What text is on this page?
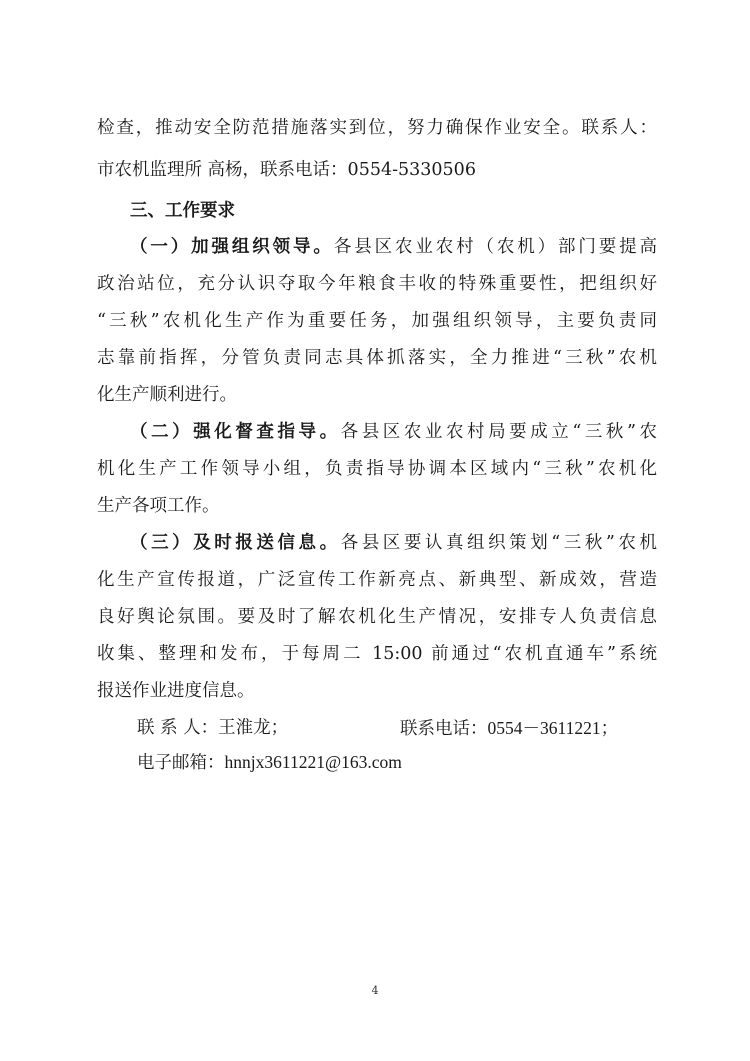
检查，推动安全防范措施落实到位，努力确保作业安全。联系人：
市农机监理所 高杨，联系电话：0554-5330506
三、工作要求
（一）加强组织领导。各县区农业农村（农机）部门要提高
政治站位，充分认识夺取今年粮食丰收的特殊重要性，把组织好
“三秋”农机化生产作为重要任务，加强组织领导，主要负责同
志靠前指挥，分管负责同志具体抓落实，全力推进“三秋”农机
化生产顺利进行。
（二）强化督查指导。各县区农业农村局要成立“三秋”农
机化生产工作领导小组，负责指导协调本区域内“三秋”农机化
生产各项工作。
（三）及时报送信息。各县区要认真组织策划“三秋”农机
化生产宣传报道，广泛宣传工作新亮点、新典型、新成效，营造
良好舆论氛围。要及时了解农机化生产情况，安排专人负责信息
收集、整理和发布，于每周二 15:00 前通过“农机直通车”系统
报送作业进度信息。
联 系 人：王淮龙；	联系电话：0554－3611221；
电子邮箱：hnnjx3611221@163.com
4
